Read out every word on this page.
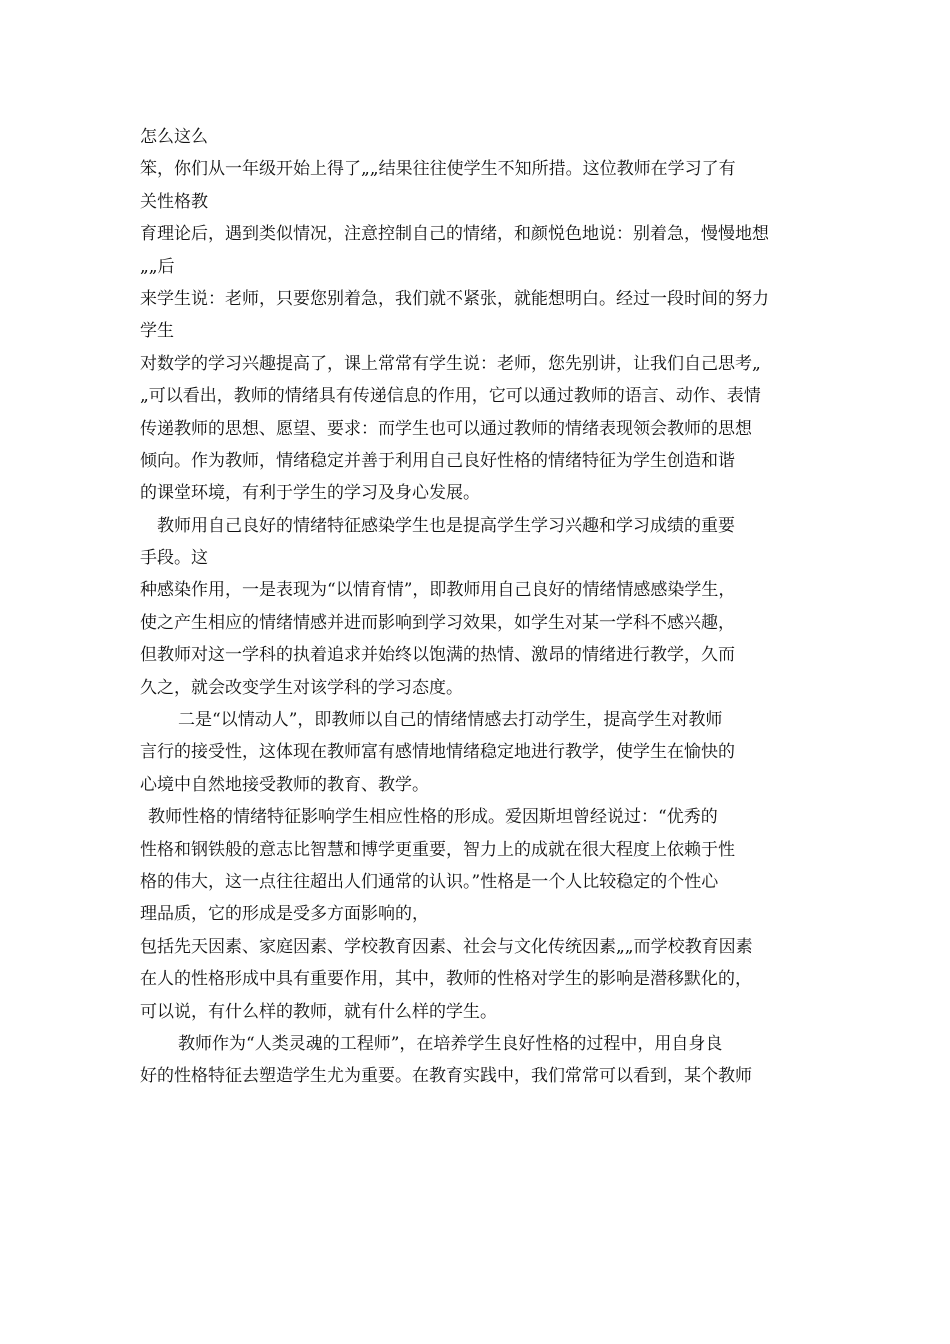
怎么这么
笨，你们从一年级开始上得了„„结果往往使学生不知所措。这位教师在学习了有
关性格教
育理论后，遇到类似情况，注意控制自己的情绪，和颜悦色地说：别着急，慢慢地想
„„后
来学生说：老师，只要您别着急，我们就不紧张，就能想明白。经过一段时间的努力
学生
对数学的学习兴趣提高了，课上常常有学生说：老师，您先别讲，让我们自己思考„
„可以看出，教师的情绪具有传递信息的作用，它可以通过教师的语言、动作、表情
传递教师的思想、愿望、要求：而学生也可以通过教师的情绪表现领会教师的思想
倾向。作为教师，情绪稳定并善于利用自己良好性格的情绪特征为学生创造和谐
的课堂环境，有利于学生的学习及身心发展。
教师用自己良好的情绪特征感染学生也是提高学生学习兴趣和学习成绩的重要
手段。这
种感染作用，一是表现为“以情育情”，即教师用自己良好的情绪情感感染学生，
使之产生相应的情绪情感并进而影响到学习效果，如学生对某一学科不感兴趣，
但教师对这一学科的执着追求并始终以饱满的热情、激昂的情绪进行教学，久而
久之，就会改变学生对该学科的学习态度。
二是“以情动人”，即教师以自己的情绪情感去打动学生，提高学生对教师
言行的接受性，这体现在教师富有感情地情绪稳定地进行教学，使学生在愉快的
心境中自然地接受教师的教育、教学。
教师性格的情绪特征影响学生相应性格的形成。爱因斯坦曾经说过：“优秀的
性格和钢铁般的意志比智慧和博学更重要，智力上的成就在很大程度上依赖于性
格的伟大，这一点往往超出人们通常的认识。”性格是一个人比较稳定的个性心
理品质，它的形成是受多方面影响的，
包括先天因素、家庭因素、学校教育因素、社会与文化传统因素„„而学校教育因素
在人的性格形成中具有重要作用，其中，教师的性格对学生的影响是潜移默化的，
可以说，有什么样的教师，就有什么样的学生。
教师作为“人类灵魂的工程师”，在培养学生良好性格的过程中，用自身良
好的性格特征去塑造学生尤为重要。在教育实践中，我们常常可以看到，某个教师
